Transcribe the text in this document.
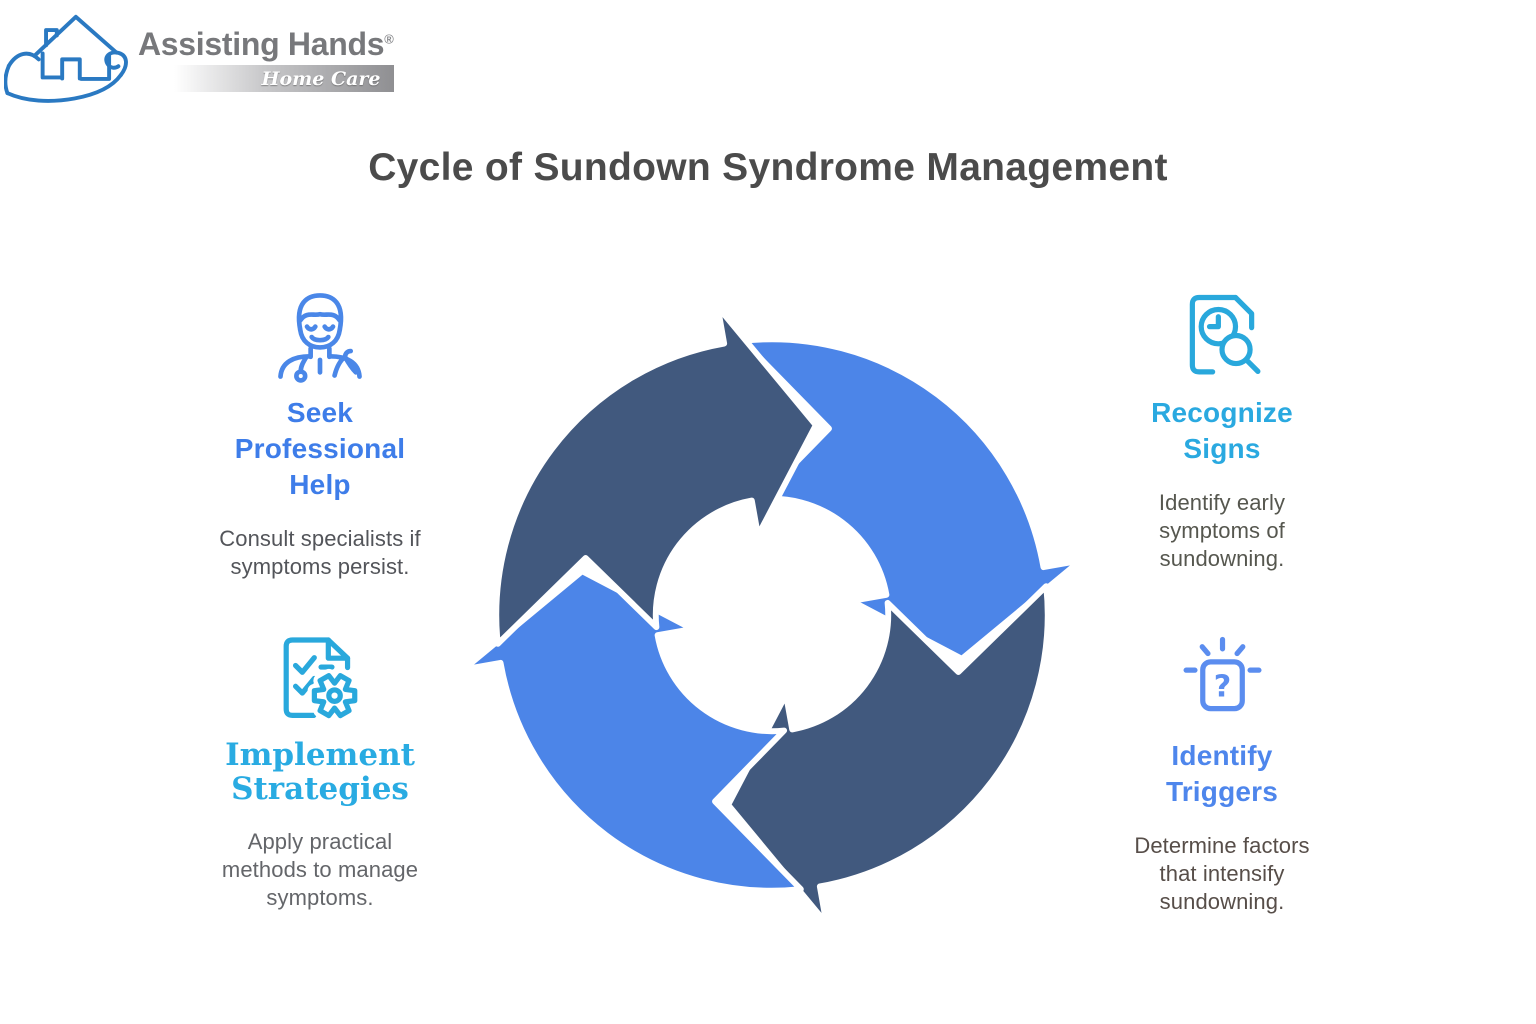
Assisting Hands®
Home Care
Cycle of Sundown Syndrome Management
Seek
Professional
Help

Consult specialists if
symptoms persist.

Recognize
Signs

Identify early
symptoms of
sundowning.

Implement
Strategies

Apply practical
methods to manage
symptoms.

?
Identify
Triggers

Determine factors
that intensify
sundowning.
